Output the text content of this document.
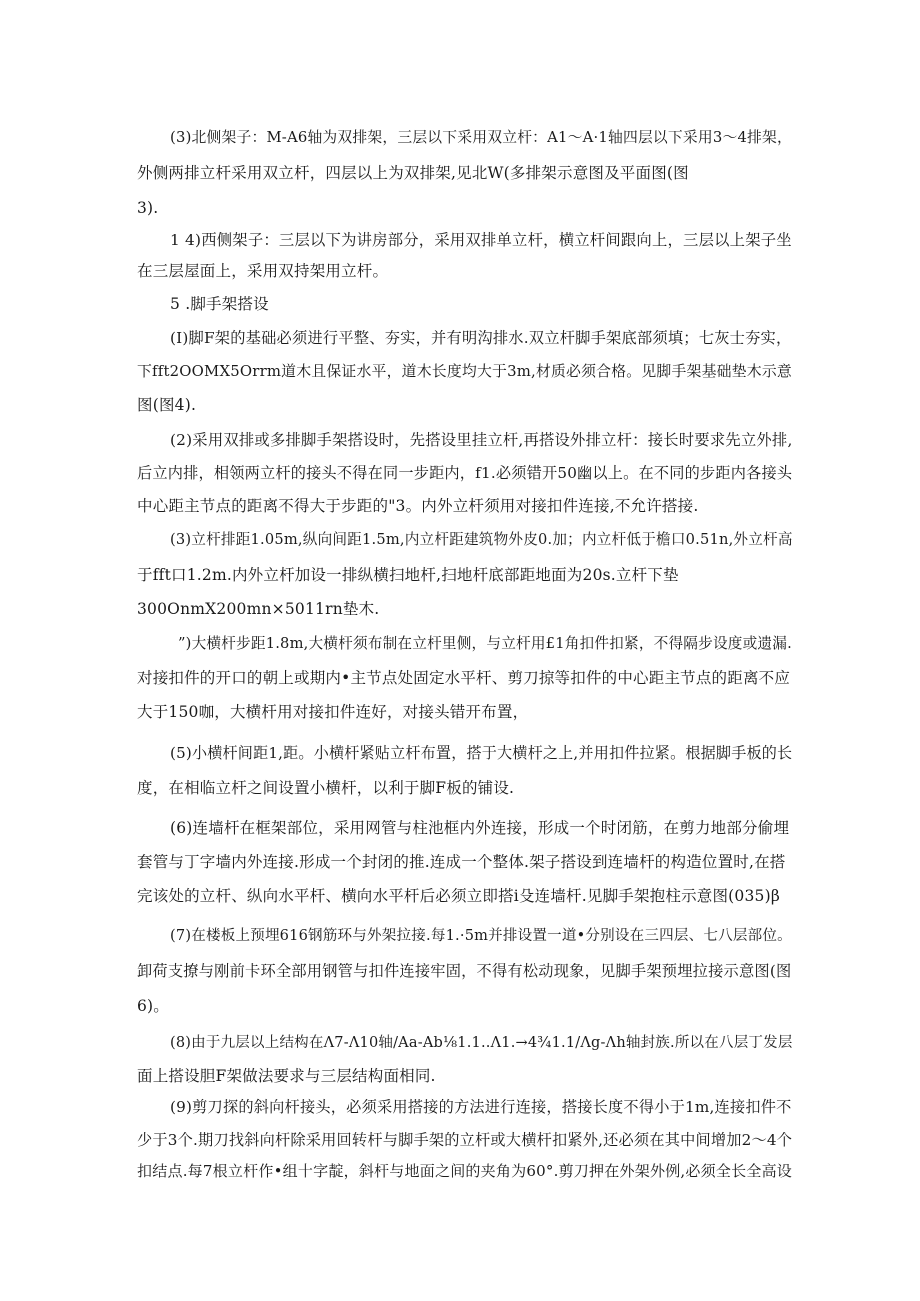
(3)北侧架子：M-A6轴为双排架，三层以下采用双立杆：A1～A·1轴四层以下采用3～4排架，

外侧两排立杆采用双立杆，四层以上为双排架,见北W(多排架示意图及平面图(图

3).

1 4)西侧架子：三层以下为讲房部分，采用双排单立杆，横立杆间跟向上，三层以上架子坐

在三层屋面上，采用双持架用立杆。

5 .脚手架搭设

(I)脚F架的基础必须进行平整、夯实，并有明沟排水.双立杆脚手架底部须填；七灰士夯实，

下fft2OOMX5Orrm道木且保证水平，道木长度均大于3m,材质必须合格。见脚手架基础垫木示意

图(图4).

(2)采用双排或多排脚手架搭设时，先搭设里挂立杆,再搭设外排立杆：接长时要求先立外排,

后立内排，相领两立杆的接头不得在同一步距内，f1.必须错开50幽以上。在不同的步距内各接头

中心距主节点的距离不得大于步距的"3。内外立杆须用对接扣件连接,不允许搭接.

(3)立杆排距1.05m,纵向间距1.5m,内立杆距建筑物外皮0.加；内立杆低于檐口0.51n,外立杆高

于fft口1.2m.内外立杆加设一排纵横扫地杆,扫地杆底部距地面为20s.立杆下垫

300OnmX200mn×5011rn垫木.

”)大横杆步距1.8m,大横杆须布制在立杆里侧，与立杆用£1角扣件扣紧，不得隔步设度或遗漏.

对接扣件的开口的朝上或期内•主节点处固定水平杆、剪刀掠等扣件的中心距主节点的距离不应

大于150咖，大横杆用对接扣件连好，对接头错开布置，

(5)小横杆间距1,距。小横杆紧贴立杆布置，搭于大横杆之上,并用扣件拉紧。根据脚手板的长

度，在相临立杆之间设置小横杆，以利于脚F板的铺设.

(6)连墙杆在框架部位，采用网管与柱池框内外连接，形成一个时闭筋，在剪力地部分偷埋

套管与丁字墙内外连接.形成一个封闭的推.连成一个整体.架子搭设到连墙杆的构造位置时,在搭

完该处的立杆、纵向水平杆、横向水平杆后必须立即搭i殳连墙杆.见脚手架抱柱示意图(035)β

(7)在楼板上预埋616钢筋环与外架拉接.每1.·5m并排设置一道•分别设在三四层、七八层部位。

卸荷支撩与刚前卡环全部用钢管与扣件连接牢固，不得有松动现象，见脚手架预埋拉接示意图(图

6)。

(8)由于九层以上结构在Λ7-Λ10轴/Aa-Ab⅛1.1..Λ1.→4¾1.1/Λg-Λh轴封族.所以在八层丁发层

面上搭设胆F架做法要求与三层结构面相同.

(9)剪刀探的斜向杆接头，必须采用搭接的方法进行连接，搭接长度不得小于1m,连接扣件不

少于3个.期刀找斜向杆除采用回转杆与脚手架的立杆或大横杆扣紧外,还必须在其中间增加2～4个

扣结点.每7根立杆作•组十字靛，斜杆与地面之间的夹角为60°.剪刀押在外架外例,必须全长全高设
